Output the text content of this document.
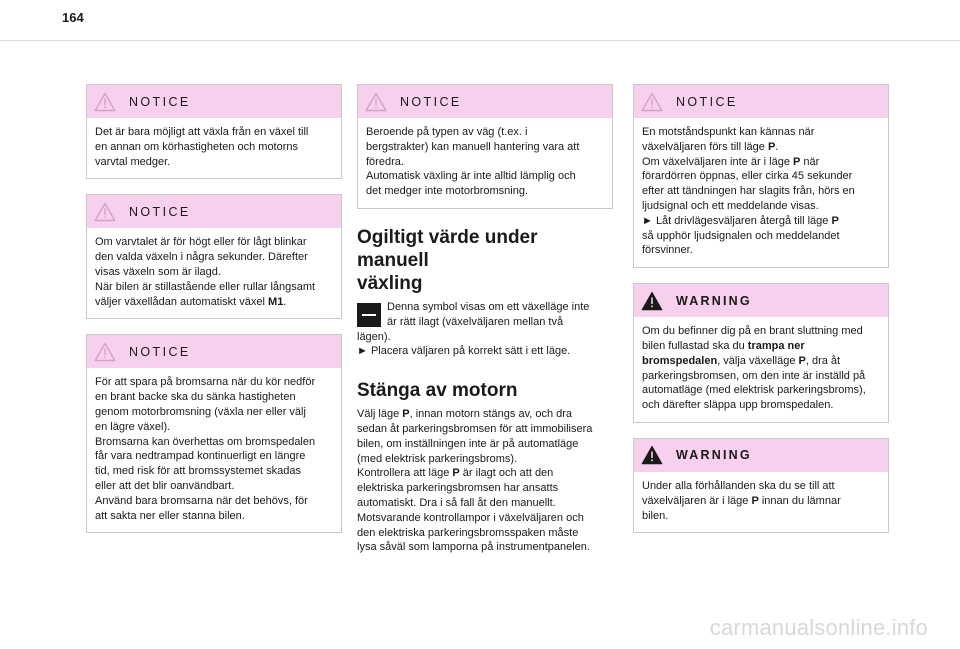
164
NOTICE
Det är bara möjligt att växla från en växel till
en annan om körhastigheten och motorns
varvtal medger.
NOTICE
Om varvtalet är för högt eller för lågt blinkar
den valda växeln i några sekunder. Därefter
visas växeln som är ilagd.
När bilen är stillastående eller rullar långsamt
väljer växellådan automatiskt växel M1.
NOTICE
För att spara på bromsarna när du kör nedför
en brant backe ska du sänka hastigheten
genom motorbromsning (växla ner eller välj
en lägre växel).
Bromsarna kan överhettas om bromspedalen
får vara nedtrampad kontinuerligt en längre
tid, med risk för att bromssystemet skadas
eller att det blir oanvändbart.
Använd bara bromsarna när det behövs, för
att sakta ner eller stanna bilen.
NOTICE
Beroende på typen av väg (t.ex. i
bergstrakter) kan manuell hantering vara att
föredra.
Automatisk växling är inte alltid lämplig och
det medger inte motorbromsning.
Ogiltigt värde under manuell
växling
Denna symbol visas om ett växelläge inte
är rätt ilagt (växelväljaren mellan två
lägen).
► Placera väljaren på korrekt sätt i ett läge.
Stänga av motorn
Välj läge P, innan motorn stängs av, och dra
sedan åt parkeringsbromsen för att immobilisera
bilen, om inställningen inte är på automatläge
(med elektrisk parkeringsbroms).
Kontrollera att läge P är ilagt och att den
elektriska parkeringsbromsen har ansatts
automatiskt. Dra i så fall åt den manuellt.
Motsvarande kontrollampor i växelväljaren och
den elektriska parkeringsbromsspaken måste
lysa såväl som lamporna på instrumentpanelen.
NOTICE
En motståndspunkt kan kännas när
växelväljaren förs till läge P.
Om växelväljaren inte är i läge P när
förardörren öppnas, eller cirka 45 sekunder
efter att tändningen har slagits från, hörs en
ljudsignal och ett meddelande visas.
► Låt drivlägesväljaren återgå till läge P
så upphör ljudsignalen och meddelandet
försvinner.
WARNING
Om du befinner dig på en brant sluttning med
bilen fullastad ska du trampa ner
bromspedalen, välja växelläge P, dra åt
parkeringsbromsen, om den inte är inställd på
automatläge (med elektrisk parkeringsbroms),
och därefter släppa upp bromspedalen.
WARNING
Under alla förhållanden ska du se till att
växelväljaren är i läge P innan du lämnar
bilen.
carmanualsonline.info
